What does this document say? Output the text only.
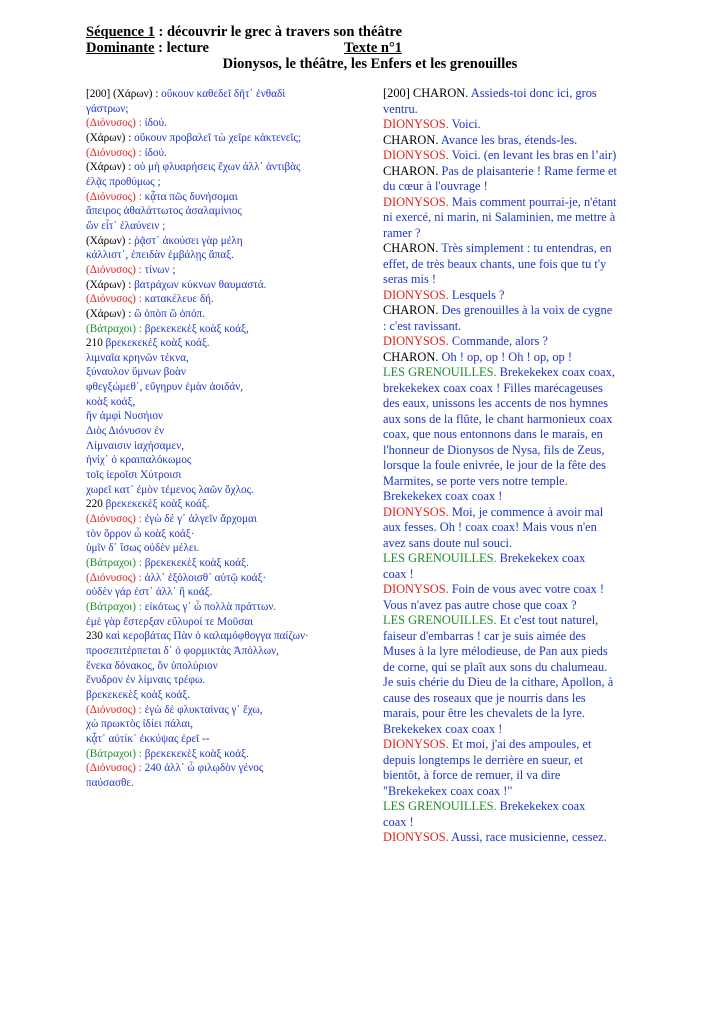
Séquence 1 : découvrir le grec à travers son théâtre
Dominante : lecture	Texte n°1
Dionysos, le théâtre, les Enfers et les grenouilles
[200] (Χάρων) : οὔκουν καθεδεῖ δῆτ᾽ ἐνθαδὶ
γάστρων;
(Διόνυσος) : ἰδού.
(Χάρων) : οὔκουν προβαλεῖ τὼ χεῖρε κἀκτενεῖς;
(Διόνυσος) : ἰδού.
(Χάρων) : οὐ μὴ φλυαρήσεις ἔχων ἀλλ᾽ ἀντιβὰς
ἐλᾷς προθύμως ;
(Διόνυσος) : κᾆτα πῶς δυνήσομαι
ἄπειρος ἀθαλάττωτος ἀσαλαμίνιος
ὢν εἶτ᾽ ἐλαύνειν ;
(Χάρων) : ῥᾷστ᾽ ἀκούσει γὰρ μέλη
κάλλιστ᾽, ἐπειδὰν ἐμβάλῃς ἅπαξ.
(Διόνυσος) : τίνων ;
(Χάρων) : βατράχων κύκνων θαυμαστά.
(Διόνυσος) : κατακέλευε δή.
(Χάρων) : ὢ ὀπὸπ ὢ ὀπόπ.
(Βάτραχοι) : βρεκεκεκὲξ κοὰξ κοάξ,
210 βρεκεκεκὲξ κοὰξ κοάξ.
λιμναῖα κρηνῶν τέκνα,
ξύναυλον ὕμνων βοὰν
φθεγξώμεθ᾽, εὔγηρυν ἐμὰν ἀοιδάν,
κοὰξ κοάξ,
ἣν ἀμφὶ Νυσήιον
Διὸς Διόνυσον ἐν
Λίμναισιν ἰαχήσαμεν,
ἡνίχ᾽ ὁ κραιπαλόκωμος
τοῖς ἱεροῖσι Χύτροισι
χωρεῖ κατ᾽ ἐμὸν τέμενος λαῶν ὄχλος.
220 βρεκεκεκὲξ κοὰξ κοάξ.
(Διόνυσος) : ἐγὼ δέ γ᾽ ἀλγεῖν ἄρχομαι
τὸν ὄρρον ὦ κοὰξ κοάξ·
ὑμῖν δ᾽ ἴσως οὐδὲν μέλει.
(Βάτραχοι) : βρεκεκεκὲξ κοὰξ κοάξ.
(Διόνυσος) : ἀλλ᾽ ἐξόλοισθ᾽ αὐτῷ κοάξ·
οὐδὲν γάρ ἐστ᾽ ἀλλ᾽ ἢ κοάξ.
(Βάτραχοι) : εἰκότως γ᾽ ὦ πολλὰ πράττων.
ἐμὲ γὰρ ἔστερξαν εὔλυροί τε Μοῦσαι
230 καὶ κεροβάτας Πὰν ὁ καλαμόφθογγα παίζων·
προσεπιτέρπεται δ᾽ ὁ φορμικτὰς Ἀπόλλων,
ἕνεκα δόνακος, ὃν ὑπολύριον
ἔνυδρον ἐν λίμναις τρέφω.
βρεκεκεκὲξ κοὰξ κοάξ.
(Διόνυσος) : ἐγὼ δὲ φλυκταίνας γ᾽ ἔχω,
χὠ πρωκτὸς ἰδίει πάλαι,
κᾆτ᾽ αὐτίκ᾽ ἐκκύψας ἐρεῖ --
(Βάτραχοι) : βρεκεκεκὲξ κοὰξ κοάξ.
(Διόνυσος) : 240 ἀλλ᾽ ὦ φιλῳδὸν γένος
παύσασθε.
[200] CHARON. Assieds-toi donc ici, gros
ventru.
DIONYSOS. Voici.
CHARON. Avance les bras, étends-les.
DIONYSOS. Voici. (en levant les bras en l’air)
CHARON. Pas de plaisanterie ! Rame ferme et
du cœur à l'ouvrage !
DIONYSOS. Mais comment pourrai-je, n'étant
ni exercé, ni marin, ni Salaminien, me mettre à
ramer ?
CHARON. Très simplement : tu entendras, en
effet, de très beaux chants, une fois que tu t'y
seras mis !
DIONYSOS. Lesquels ?
CHARON. Des grenouilles à la voix de cygne
: c'est ravissant.
DIONYSOS. Commande, alors ?
CHARON. Oh ! op, op ! Oh ! op, op !
LES GRENOUILLES. Brekekekex coax coax,
brekekekex coax coax ! Filles marécageuses
des eaux, unissons les accents de nos hymnes
aux sons de la flûte, le chant harmonieux coax
coax, que nous entonnons dans le marais, en
l'honneur de Dionysos de Nysa, fils de Zeus,
lorsque la foule enivrée, le jour de la fête des
Marmites, se porte vers notre temple.
Brekekekex coax coax !
DIONYSOS. Moi, je commence à avoir mal
aux fesses. Oh ! coax coax! Mais vous n'en
avez sans doute nul souci.
LES GRENOUILLES. Brekekekex coax
coax !
DIONYSOS. Foin de vous avec votre coax !
Vous n'avez pas autre chose que coax ?
LES GRENOUILLES. Et c'est tout naturel,
faiseur d'embarras ! car je suis aimée des
Muses à la lyre mélodieuse, de Pan aux pieds
de corne, qui se plaît aux sons du chalumeau.
Je suis chérie du Dieu de la cithare, Apollon, à
cause des roseaux que je nourris dans les
marais, pour être les chevalets de la lyre.
Brekekekex coax coax !
DIONYSOS. Et moi, j'ai des ampoules, et
depuis longtemps le derrière en sueur, et
bientôt, à force de remuer, il va dire
"Brekekekex coax coax !"
LES GRENOUILLES. Brekekekex coax
coax !
DIONYSOS. Aussi, race musicienne, cessez.
